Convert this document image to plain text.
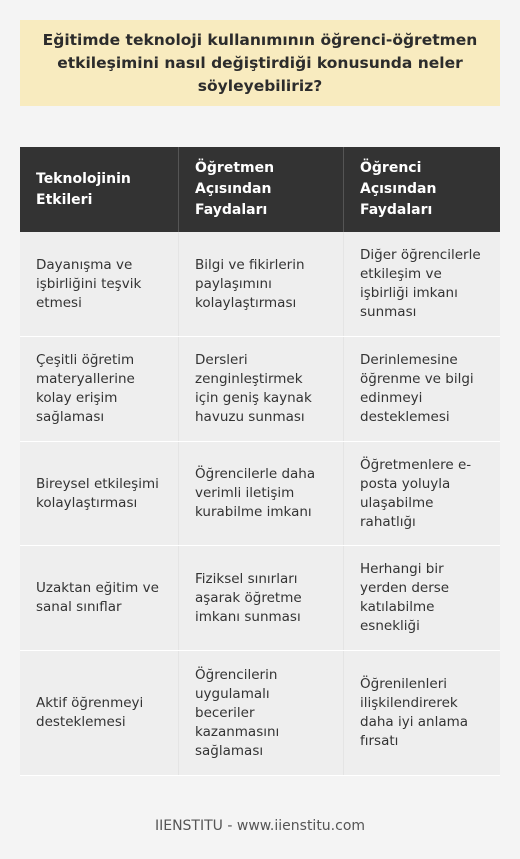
Eğitimde teknoloji kullanımının öğrenci-öğretmen etkileşimini nasıl değiştirdiği konusunda neler söyleyebiliriz?
Teknolojinin Etkileri
Öğretmen Açısından Faydaları
Öğrenci Açısından Faydaları
Dayanışma ve işbirliğini teşvik etmesi
Bilgi ve fikirlerin paylaşımını kolaylaştırması
Diğer öğrencilerle etkileşim ve işbirliği imkanı sunması
Çeşitli öğretim materyallerine kolay erişim sağlaması
Dersleri zenginleştirmek için geniş kaynak havuzu sunması
Derinlemesine öğrenme ve bilgi edinmeyi desteklemesi
Bireysel etkileşimi kolaylaştırması
Öğrencilerle daha verimli iletişim kurabilme imkanı
Öğretmenlere e-posta yoluyla ulaşabilme rahatlığı
Uzaktan eğitim ve sanal sınıflar
Fiziksel sınırları aşarak öğretme imkanı sunması
Herhangi bir yerden derse katılabilme esnekliği
Aktif öğrenmeyi desteklemesi
Öğrencilerin uygulamalı beceriler kazanmasını sağlaması
Öğrenilenleri ilişkilendirerek daha iyi anlama fırsatı
IIENSTITU - www.iienstitu.com
